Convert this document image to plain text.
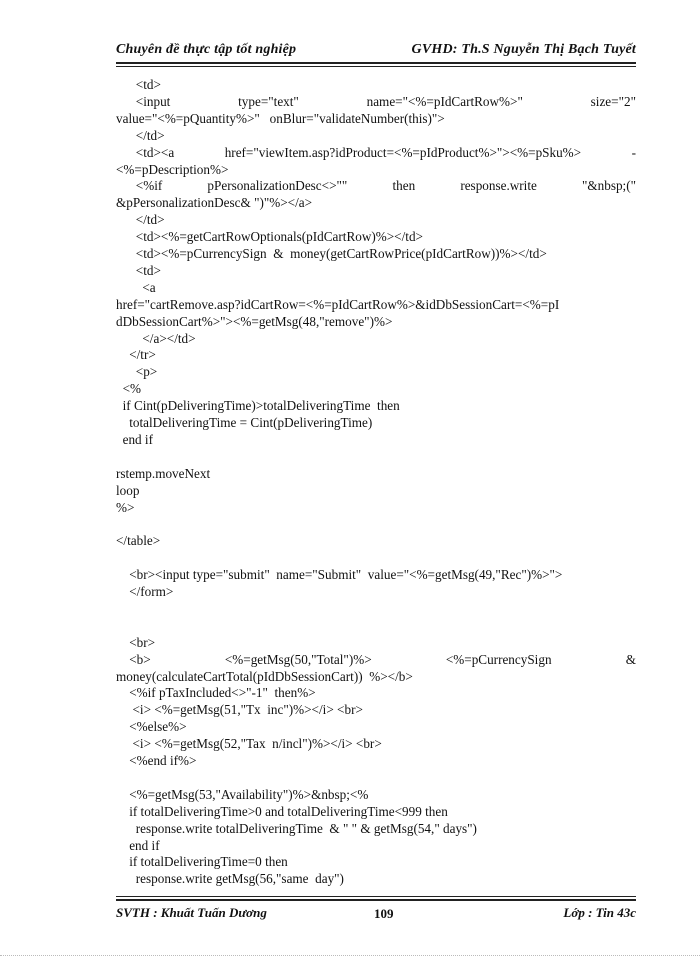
Chuyên đề thực tập tốt nghiệp	GVHD: Th.S Nguyễn Thị Bạch Tuyết
<td>
<input	type="text"	name="<%=pIdCartRow%>"	size="2"
value="<%=pQuantity%>"   onBlur="validateNumber(this)">
</td>
<td><a	href="viewItem.asp?idProduct=<%=pIdProduct%>"><%=pSku%>	-
<%=pDescription%>
<%if	pPersonalizationDesc<>""	then	response.write	"&nbsp;("
&pPersonalizationDesc& ")"%></a>
</td>
<td><%=getCartRowOptionals(pIdCartRow)%></td>
<td><%=pCurrencySign  &  money(getCartRowPrice(pIdCartRow))%></td>
<td>
<a
href="cartRemove.asp?idCartRow=<%=pIdCartRow%>&idDbSessionCart=<%=pI
dDbSessionCart%>"><%=getMsg(48,"remove")%>
</a></td>
</tr>
<p>
<%
if Cint(pDeliveringTime)>totalDeliveringTime  then
totalDeliveringTime = Cint(pDeliveringTime)
end if
rstemp.moveNext
loop
%>
</table>
<br><input type="submit"  name="Submit"  value="<%=getMsg(49,"Rec")%>">
</form>
<br>
<b>	<%=getMsg(50,"Total")%>	<%=pCurrencySign	&
money(calculateCartTotal(pIdDbSessionCart))  %></b>
<%if pTaxIncluded<>"-1"  then%>
<i> <%=getMsg(51,"Tx  inc")%></i> <br>
<%else%>
<i> <%=getMsg(52,"Tax  n/incl")%></i> <br>
<%end if%>
<%=getMsg(53,"Availability")%>&nbsp;<%
if totalDeliveringTime>0 and totalDeliveringTime<999 then
response.write totalDeliveringTime  & " " & getMsg(54," days")
end if
if totalDeliveringTime=0 then
response.write getMsg(56,"same  day")
SVTH : Khuất Tuấn Dương	109	Lớp : Tin 43c
